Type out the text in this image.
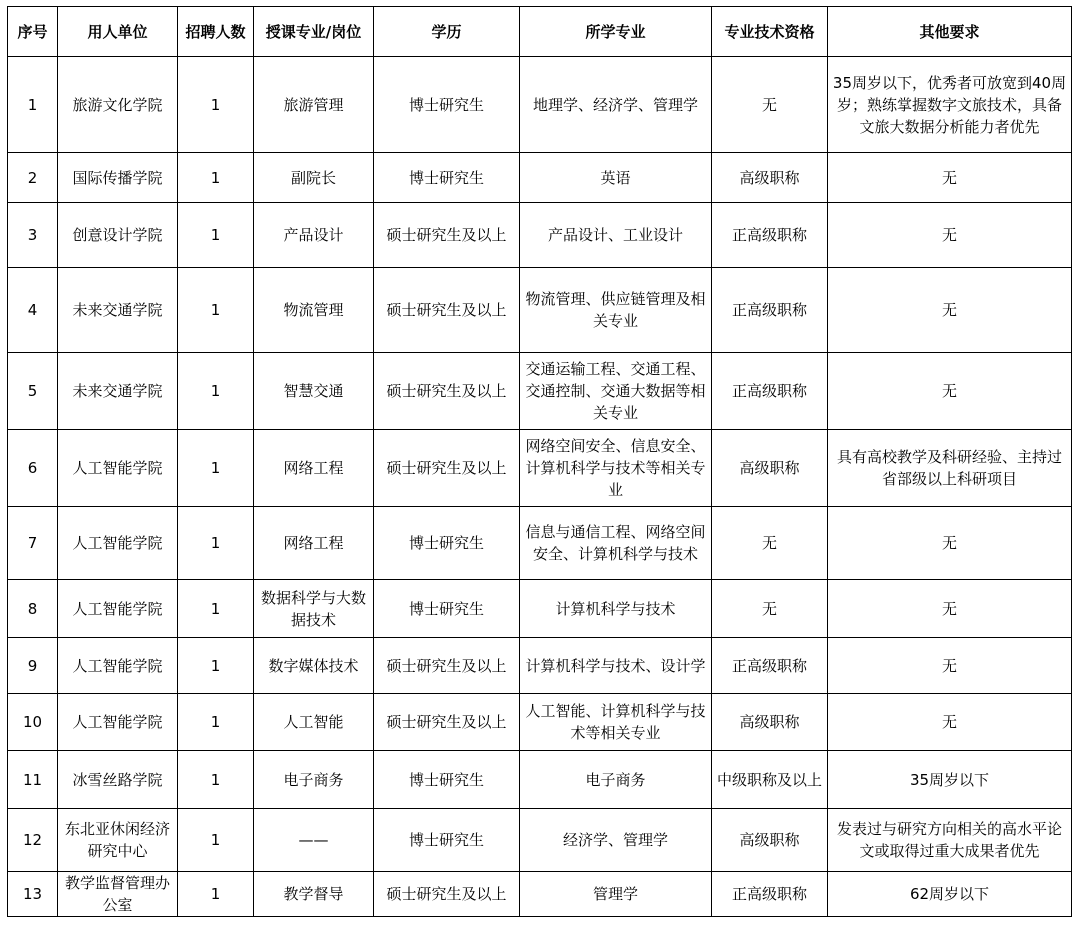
序号	用人单位	招聘人数	授课专业/岗位	学历	所学专业	专业技术资格	其他要求
1	旅游文化学院	1	旅游管理	博士研究生	地理学、经济学、管理学	无	35周岁以下，优秀者可放宽到40周岁；熟练掌握数字文旅技术，具备文旅大数据分析能力者优先
2	国际传播学院	1	副院长	博士研究生	英语	高级职称	无
3	创意设计学院	1	产品设计	硕士研究生及以上	产品设计、工业设计	正高级职称	无
4	未来交通学院	1	物流管理	硕士研究生及以上	物流管理、供应链管理及相关专业	正高级职称	无
5	未来交通学院	1	智慧交通	硕士研究生及以上	交通运输工程、交通工程、交通控制、交通大数据等相关专业	正高级职称	无
6	人工智能学院	1	网络工程	硕士研究生及以上	网络空间安全、信息安全、计算机科学与技术等相关专业	高级职称	具有高校教学及科研经验、主持过省部级以上科研项目
7	人工智能学院	1	网络工程	博士研究生	信息与通信工程、网络空间安全、计算机科学与技术	无	无
8	人工智能学院	1	数据科学与大数据技术	博士研究生	计算机科学与技术	无	无
9	人工智能学院	1	数字媒体技术	硕士研究生及以上	计算机科学与技术、设计学	正高级职称	无
10	人工智能学院	1	人工智能	硕士研究生及以上	人工智能、计算机科学与技术等相关专业	高级职称	无
11	冰雪丝路学院	1	电子商务	博士研究生	电子商务	中级职称及以上	35周岁以下
12	东北亚休闲经济研究中心	1	——	博士研究生	经济学、管理学	高级职称	发表过与研究方向相关的高水平论文或取得过重大成果者优先
13	教学监督管理办公室	1	教学督导	硕士研究生及以上	管理学	正高级职称	62周岁以下
